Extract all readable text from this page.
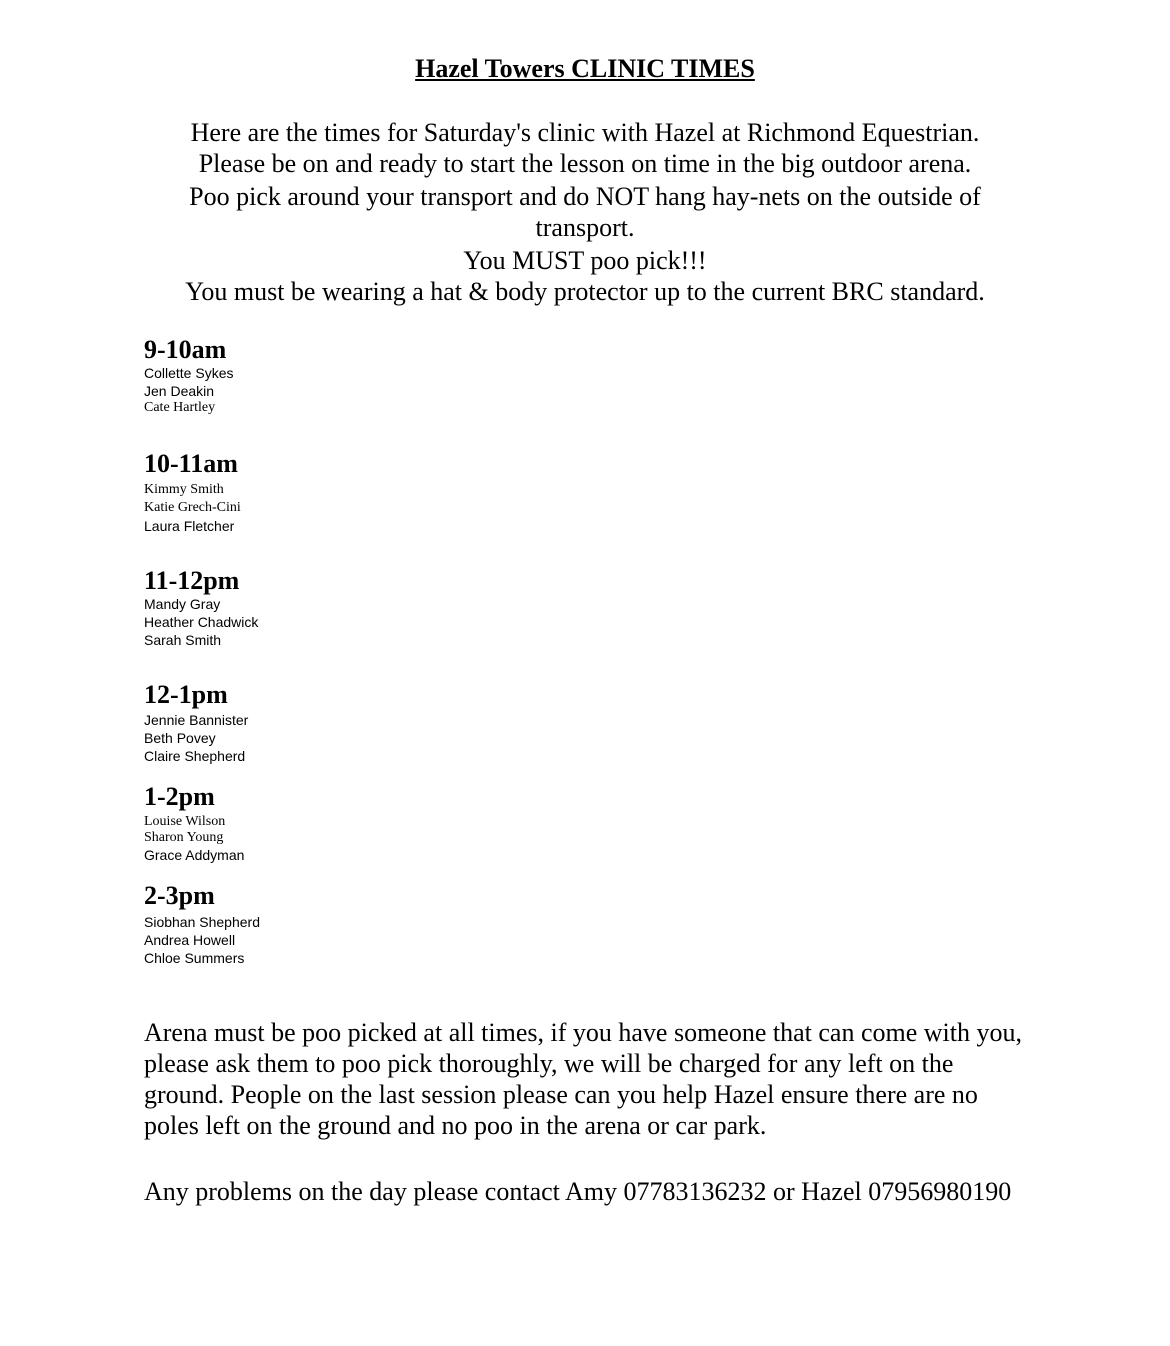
Hazel Towers CLINIC TIMES
Here are the times for Saturday's clinic with Hazel at Richmond Equestrian.
Please be on and ready to start the lesson on time in the big outdoor arena.
Poo pick around your transport and do NOT hang hay-nets on the outside of transport.
You MUST poo pick!!!
You must be wearing a hat & body protector up to the current BRC standard.
9-10am
Collette Sykes
Jen Deakin
Cate Hartley
10-11am
Kimmy Smith
Katie Grech-Cini
Laura Fletcher
11-12pm
Mandy Gray
Heather Chadwick
Sarah Smith
12-1pm
Jennie Bannister
Beth Povey
Claire Shepherd
1-2pm
Louise Wilson
Sharon Young
Grace Addyman
2-3pm
Siobhan Shepherd
Andrea Howell
Chloe Summers

Arena must be poo picked at all times, if you have someone that can come with you, please ask them to poo pick thoroughly, we will be charged for any left on the ground. People on the last session please can you help Hazel ensure there are no poles left on the ground and no poo in the arena or car park.

Any problems on the day please contact Amy 07783136232 or Hazel 07956980190
